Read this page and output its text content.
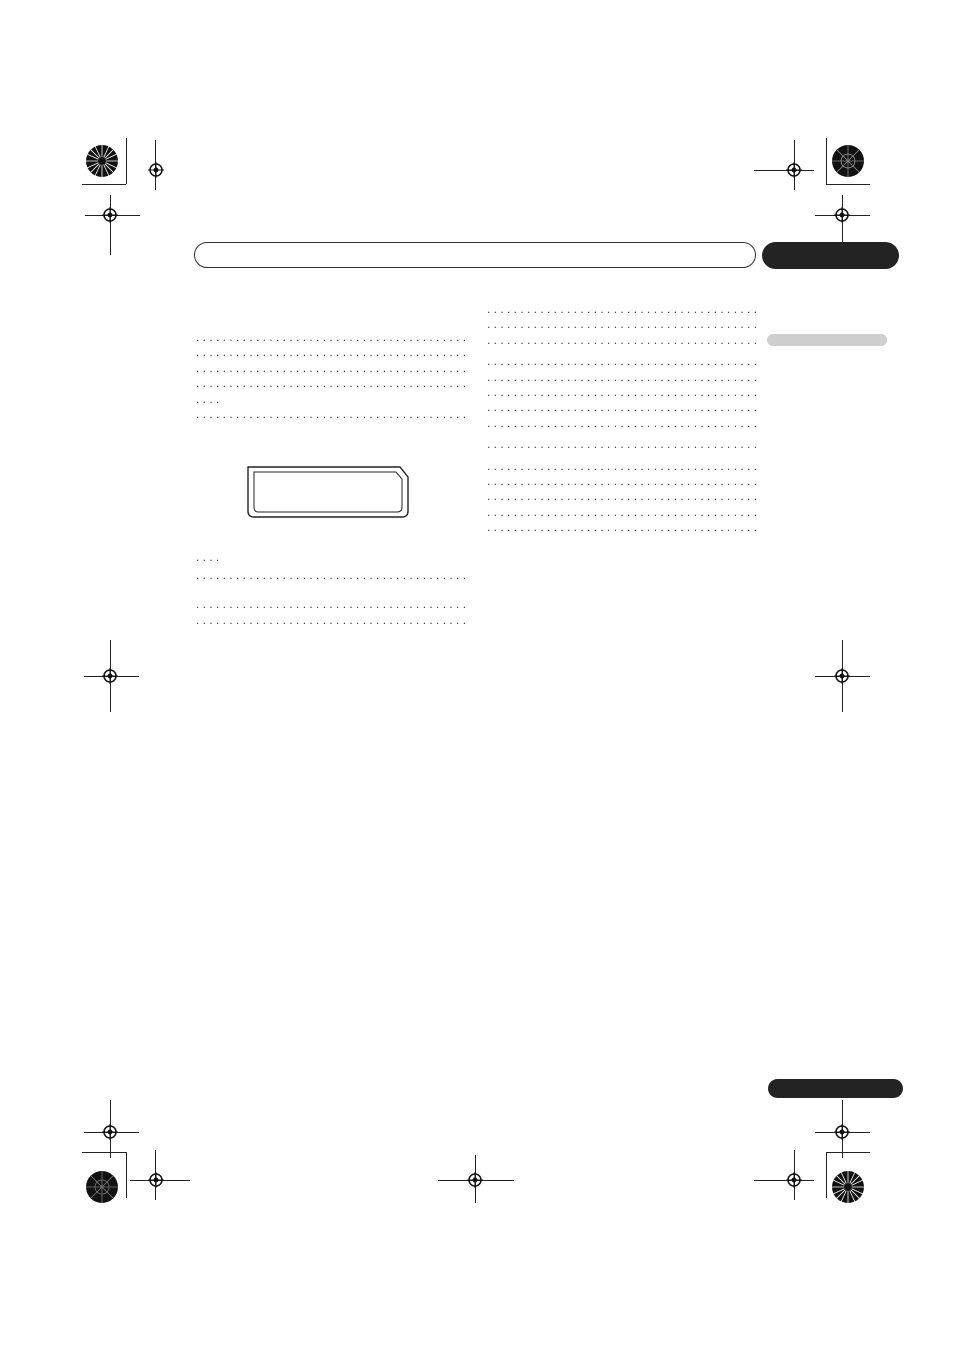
. . .
. . .
. . .
. . .
. . .
. . .
. . .
. . .
. . .
. . .
. . .
. . .
. . .
. . .
. . .
. . .
. . .
. . .
. . .
. . .
. . .
. . .
. . .
. . .
